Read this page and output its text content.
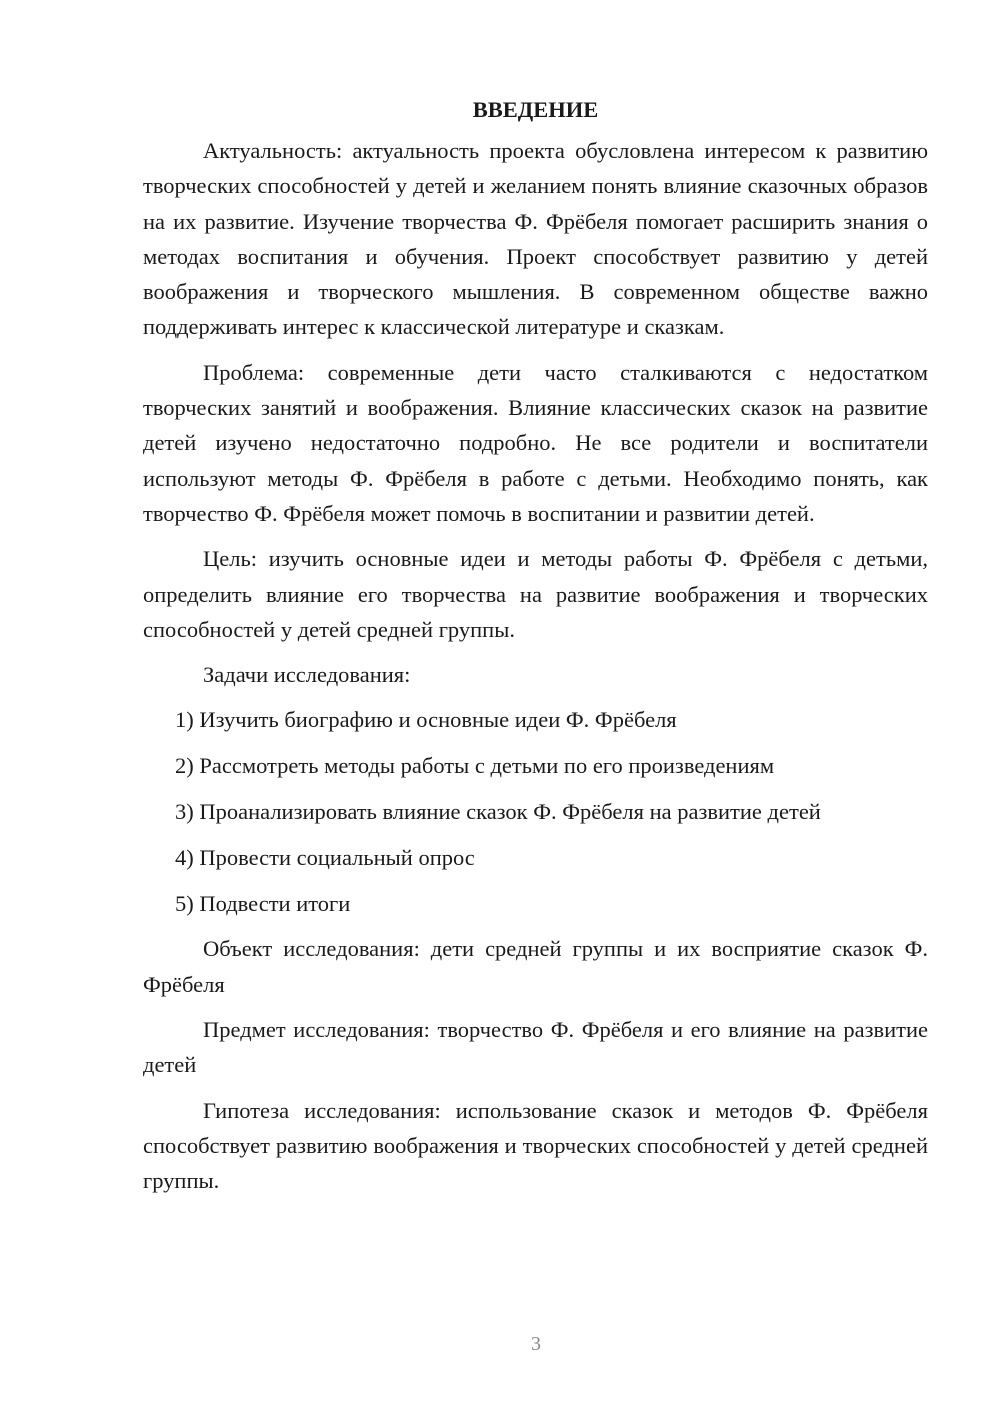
ВВЕДЕНИЕ

Актуальность: актуальность проекта обусловлена интересом к развитию творческих способностей у детей и желанием понять влияние сказочных образов на их развитие. Изучение творчества Ф. Фрёбеля помогает расширить знания о методах воспитания и обучения. Проект способствует развитию у детей воображения и творческого мышления. В современном обществе важно поддерживать интерес к классической литературе и сказкам.

Проблема: современные дети часто сталкиваются с недостатком творческих занятий и воображения. Влияние классических сказок на развитие детей изучено недостаточно подробно. Не все родители и воспитатели используют методы Ф. Фрёбеля в работе с детьми. Необходимо понять, как творчество Ф. Фрёбеля может помочь в воспитании и развитии детей.

Цель: изучить основные идеи и методы работы Ф. Фрёбеля с детьми, определить влияние его творчества на развитие воображения и творческих способностей у детей средней группы.

Задачи исследования:

1) Изучить биографию и основные идеи Ф. Фрёбеля
2) Рассмотреть методы работы с детьми по его произведениям
3) Проанализировать влияние сказок Ф. Фрёбеля на развитие детей
4) Провести социальный опрос
5) Подвести итоги

Объект исследования: дети средней группы и их восприятие сказок Ф. Фрёбеля

Предмет исследования: творчество Ф. Фрёбеля и его влияние на развитие детей

Гипотеза исследования: использование сказок и методов Ф. Фрёбеля способствует развитию воображения и творческих способностей у детей средней группы.

3
